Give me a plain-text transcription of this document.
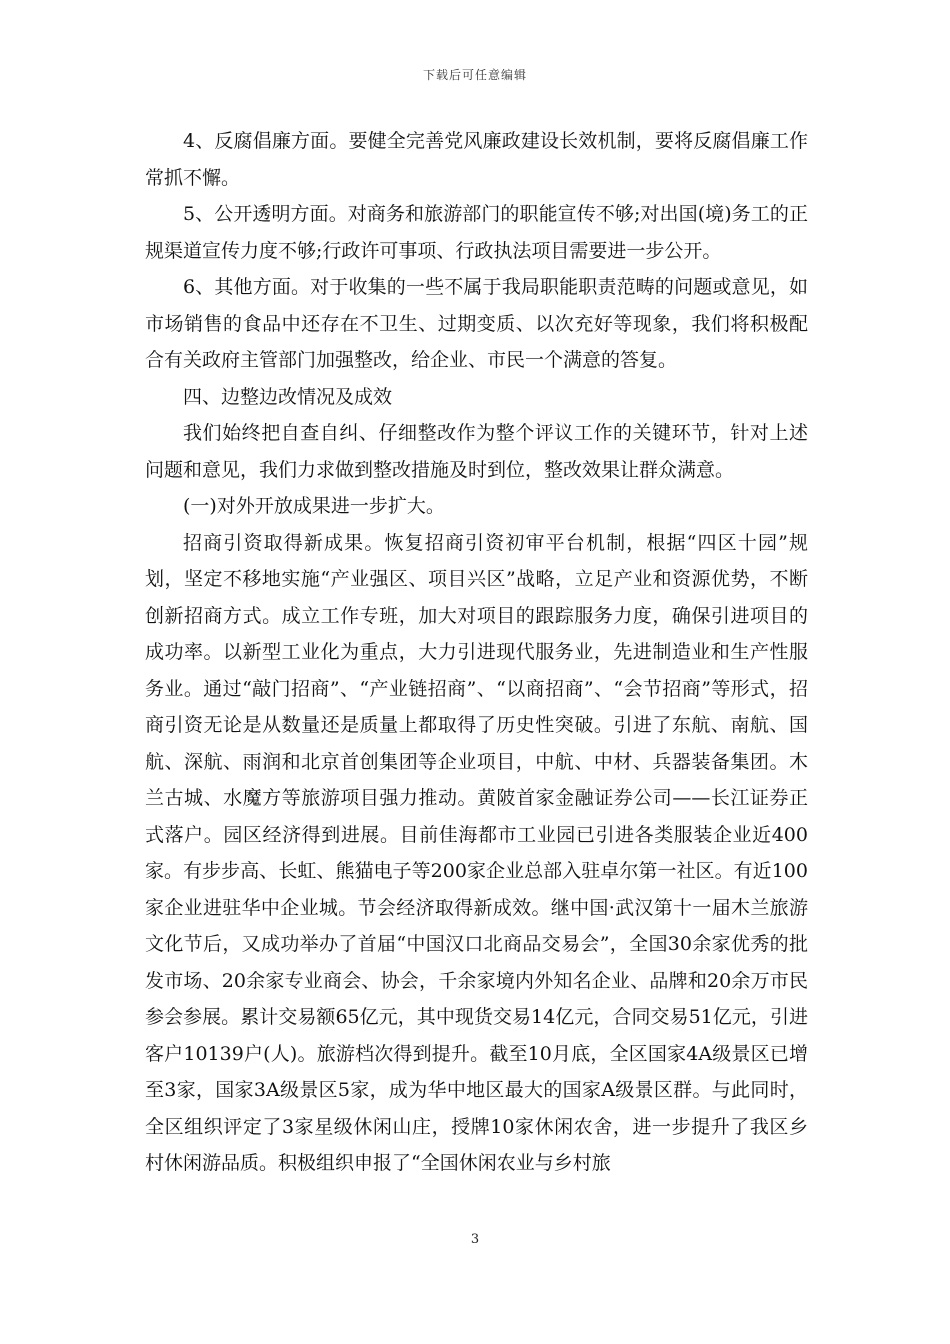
下载后可任意编辑

4、反腐倡廉方面。要健全完善党风廉政建设长效机制，要将反腐倡廉工作常抓不懈。

5、公开透明方面。对商务和旅游部门的职能宣传不够;对出国(境)务工的正规渠道宣传力度不够;行政许可事项、行政执法项目需要进一步公开。

6、其他方面。对于收集的一些不属于我局职能职责范畴的问题或意见，如市场销售的食品中还存在不卫生、过期变质、以次充好等现象，我们将积极配合有关政府主管部门加强整改，给企业、市民一个满意的答复。

四、边整边改情况及成效

我们始终把自查自纠、仔细整改作为整个评议工作的关键环节，针对上述问题和意见，我们力求做到整改措施及时到位，整改效果让群众满意。

(一)对外开放成果进一步扩大。

招商引资取得新成果。恢复招商引资初审平台机制，根据“四区十园”规划，坚定不移地实施“产业强区、项目兴区”战略，立足产业和资源优势，不断创新招商方式。成立工作专班，加大对项目的跟踪服务力度，确保引进项目的成功率。以新型工业化为重点，大力引进现代服务业，先进制造业和生产性服务业。通过“敲门招商”、“产业链招商”、“以商招商”、“会节招商”等形式，招商引资无论是从数量还是质量上都取得了历史性突破。引进了东航、南航、国航、深航、雨润和北京首创集团等企业项目，中航、中材、兵器装备集团。木兰古城、水魔方等旅游项目强力推动。黄陂首家金融证券公司——长江证券正式落户。园区经济得到进展。目前佳海都市工业园已引进各类服装企业近400家。有步步高、长虹、熊猫电子等200家企业总部入驻卓尔第一社区。有近100家企业进驻华中企业城。节会经济取得新成效。继中国·武汉第十一届木兰旅游文化节后，又成功举办了首届“中国汉口北商品交易会”，全国30余家优秀的批发市场、20余家专业商会、协会，千余家境内外知名企业、品牌和20余万市民参会参展。累计交易额65亿元，其中现货交易14亿元，合同交易51亿元，引进客户10139户(人)。旅游档次得到提升。截至10月底，全区国家4A级景区已增至3家，国家3A级景区5家，成为华中地区最大的国家A级景区群。与此同时，全区组织评定了3家星级休闲山庄，授牌10家休闲农舍，进一步提升了我区乡村休闲游品质。积极组织申报了“全国休闲农业与乡村旅

3
